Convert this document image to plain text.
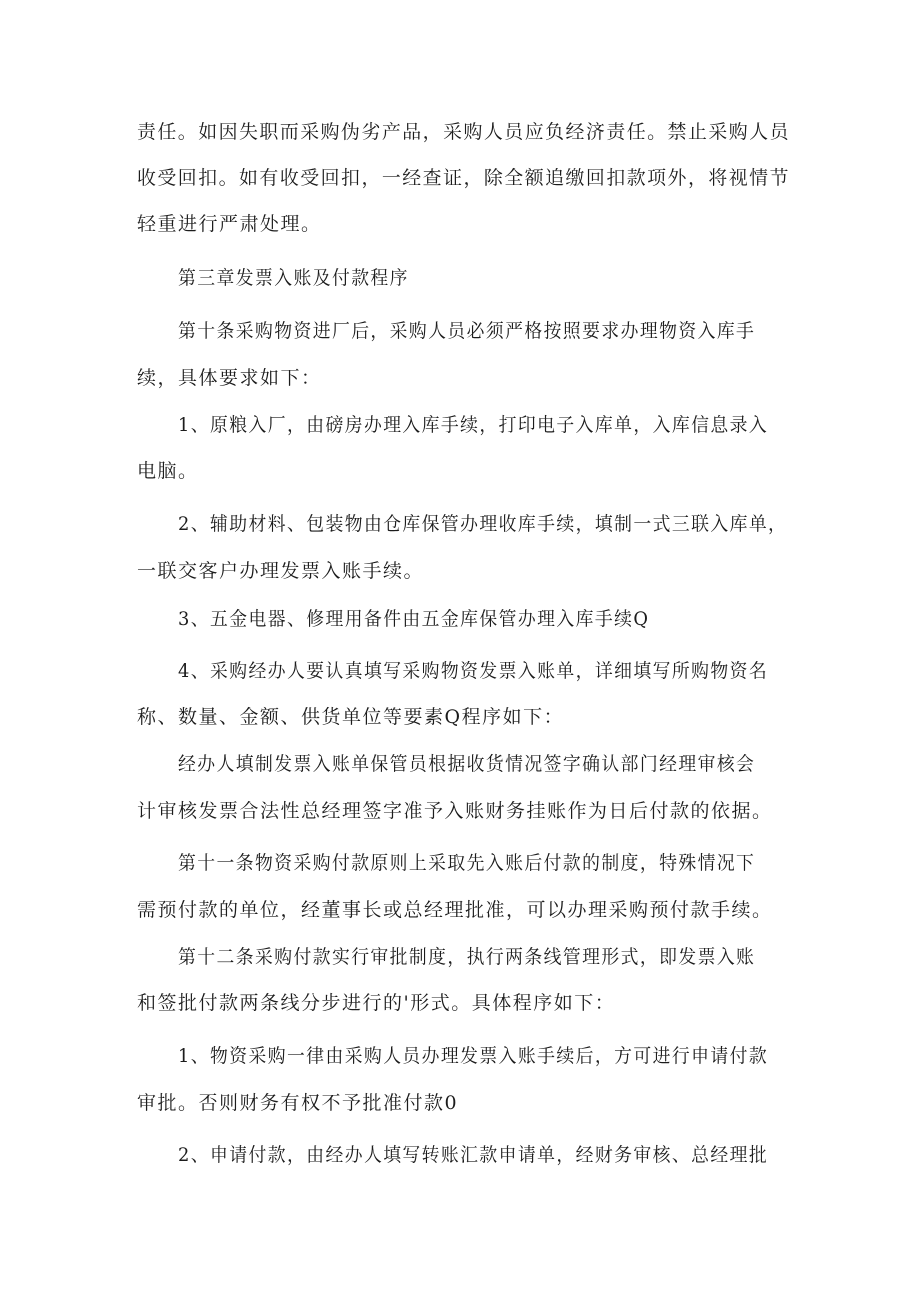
责任。如因失职而采购伪劣产品，采购人员应负经济责任。禁止采购人员
收受回扣。如有收受回扣，一经查证，除全额追缴回扣款项外，将视情节
轻重进行严肃处理。
第三章发票入账及付款程序
第十条采购物资进厂后，采购人员必须严格按照要求办理物资入库手
续，具体要求如下：
1、原粮入厂，由磅房办理入库手续，打印电子入库单，入库信息录入
电脑。
2、辅助材料、包装物由仓库保管办理收库手续，填制一式三联入库单，
一联交客户办理发票入账手续。
3、五金电器、修理用备件由五金库保管办理入库手续Q
4、采购经办人要认真填写采购物资发票入账单，详细填写所购物资名
称、数量、金额、供货单位等要素Q程序如下：
经办人填制发票入账单保管员根据收货情况签字确认部门经理审核会
计审核发票合法性总经理签字准予入账财务挂账作为日后付款的依据。
第十一条物资采购付款原则上采取先入账后付款的制度，特殊情况下
需预付款的单位，经董事长或总经理批准，可以办理采购预付款手续。
第十二条采购付款实行审批制度，执行两条线管理形式，即发票入账
和签批付款两条线分步进行的'形式。具体程序如下：
1、物资采购一律由采购人员办理发票入账手续后，方可进行申请付款
审批。否则财务有权不予批准付款0
2、申请付款，由经办人填写转账汇款申请单，经财务审核、总经理批
